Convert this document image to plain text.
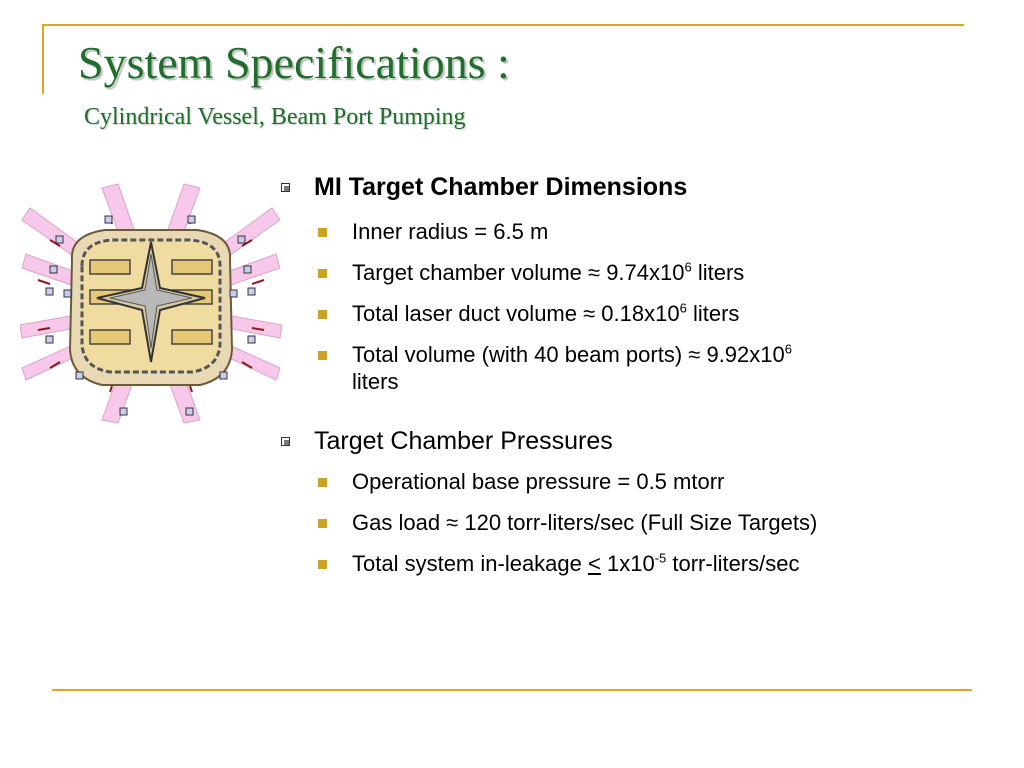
System Specifications :
Cylindrical Vessel, Beam Port Pumping
MI Target Chamber Dimensions
Inner radius = 6.5 m
Target chamber volume ≈ $9.74x10^6$ liters
Total laser duct volume ≈ $0.18x10^6$ liters
Total volume (with 40 beam ports) ≈ $9.92x10^6$
liters
Target Chamber Pressures
Operational base pressure = 0.5 mtorr
Gas load ≈ 120 torr-liters/sec (Full Size Targets)
Total system in-leakage < $1x10^{-5}$ torr-liters/sec
